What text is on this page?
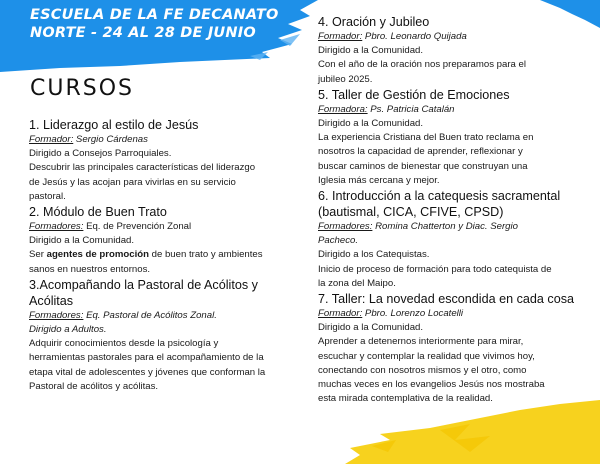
ESCUELA DE LA FE DECANATO
NORTE - 24 AL 28 DE JUNIO
CURSOS

1. Liderazgo al estilo de Jesús

Formador: Sergio Cárdenas

Dirigido a Consejos Parroquiales.

Descubrir las principales características del liderazgo

de Jesús y las acojan para vivirlas en su servicio

pastoral.

2. Módulo de Buen Trato

Formadores: Eq. de Prevención Zonal

Dirigido a la Comunidad.

Ser agentes de promoción de buen trato y ambientes

sanos en nuestros entornos.

3.Acompañando la Pastoral de Acólitos y

Acólitas

Formadores: Eq. Pastoral de Acólitos Zonal.

Dirigido a Adultos.

Adquirir conocimientos desde la psicología y

herramientas pastorales para el acompañamiento de la

etapa vital de adolescentes y jóvenes que conforman la

Pastoral de acólitos y acólitas.

4. Oración y Jubileo

Formador: Pbro. Leonardo Quijada

Dirigido a la Comunidad.

Con el año de la oración nos preparamos para el

jubileo 2025.

5. Taller de Gestión de Emociones

Formadora: Ps. Patricia Catalán

Dirigido a la Comunidad.

La experiencia Cristiana del Buen trato reclama en

nosotros la capacidad de aprender, reflexionar y

buscar caminos de bienestar que construyan una

Iglesia más cercana y mejor.

6. Introducción a la catequesis sacramental

(bautismal, CICA, CFIVE, CPSD)

Formadores: Romina Chatterton y Diac. Sergio

Pacheco.

Dirigido a los Catequistas.

Inicio de proceso de formación para todo catequista de

la zona del Maipo.

7. Taller: La novedad escondida en cada cosa

Formador: Pbro. Lorenzo Locatelli

Dirigido a la Comunidad.

Aprender a detenernos interiormente para mirar,

escuchar y contemplar la realidad que vivimos hoy,

conectando con nosotros mismos y el otro, como

muchas veces en los evangelios Jesús nos mostraba

esta mirada contemplativa de la realidad.
